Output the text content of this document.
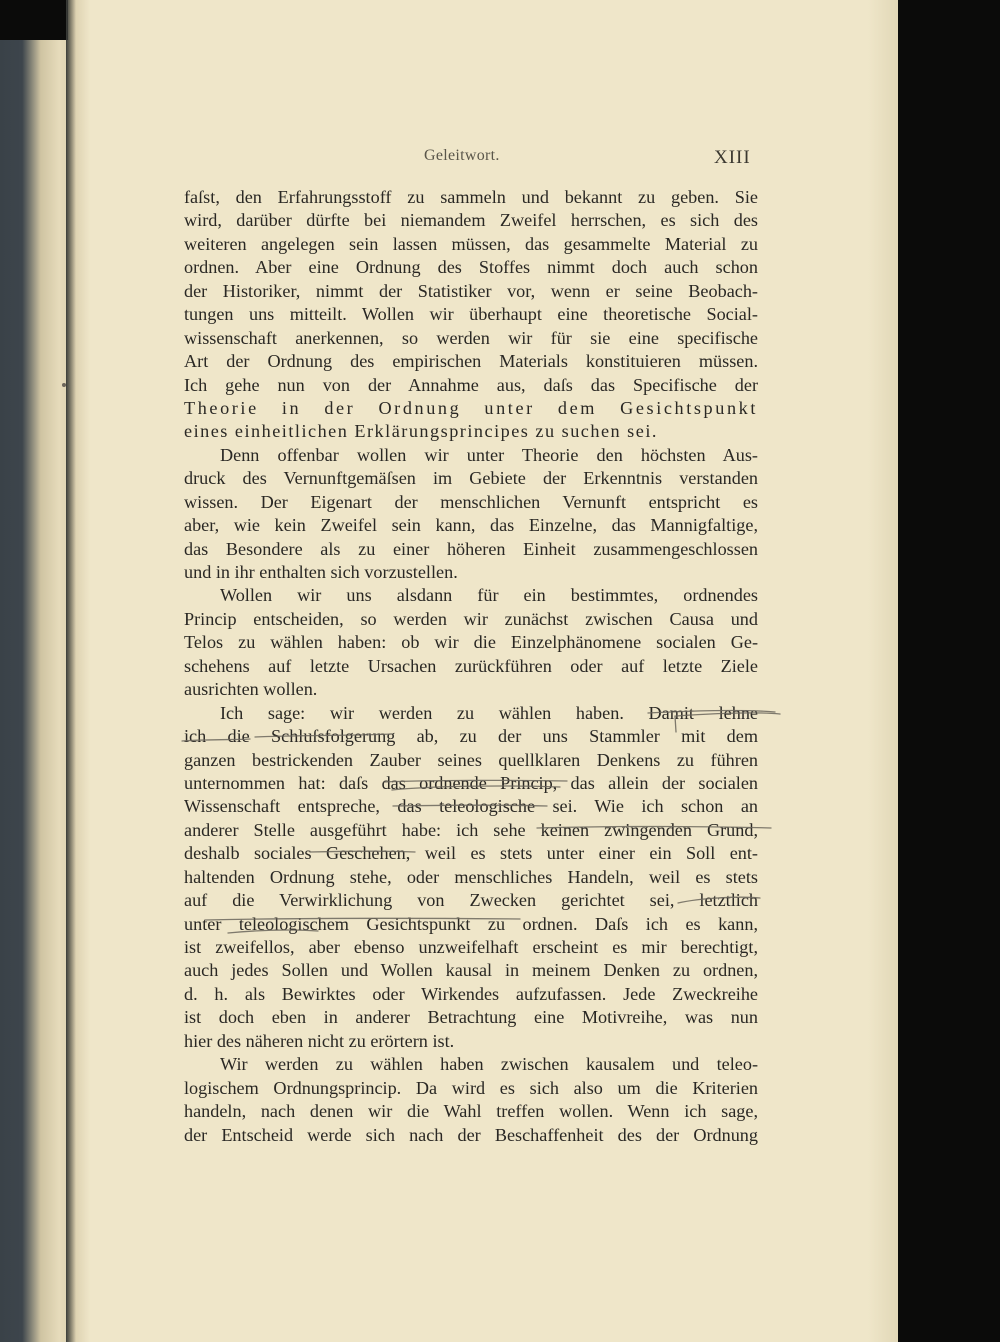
Geleitwort.	XIII
faſst, den Erfahrungsstoff zu sammeln und bekannt zu geben. Sie
wird, darüber dürfte bei niemandem Zweifel herrschen, es sich des
weiteren angelegen sein lassen müssen, das gesammelte Material zu
ordnen. Aber eine Ordnung des Stoffes nimmt doch auch schon
der Historiker, nimmt der Statistiker vor, wenn er seine Beobach-
tungen uns mitteilt. Wollen wir überhaupt eine theoretische Social-
wissenschaft anerkennen, so werden wir für sie eine specifische
Art der Ordnung des empirischen Materials konstituieren müssen.
Ich gehe nun von der Annahme aus, daſs das Specifische der
Theorie in der Ordnung unter dem Gesichtspunkt
eines einheitlichen Erklärungsprincipes zu suchen sei.
Denn offenbar wollen wir unter Theorie den höchsten Aus-
druck des Vernunftgemäſsen im Gebiete der Erkenntnis verstanden
wissen. Der Eigenart der menschlichen Vernunft entspricht es
aber, wie kein Zweifel sein kann, das Einzelne, das Mannigfaltige,
das Besondere als zu einer höheren Einheit zusammengeschlossen
und in ihr enthalten sich vorzustellen.
Wollen wir uns alsdann für ein bestimmtes, ordnendes
Princip entscheiden, so werden wir zunächst zwischen Causa und
Telos zu wählen haben: ob wir die Einzelphänomene socialen Ge-
schehens auf letzte Ursachen zurückführen oder auf letzte Ziele
ausrichten wollen.
Ich sage: wir werden zu wählen haben. Damit lehne
ich die Schluſsfolgerung ab, zu der uns Stammler mit dem
ganzen bestrickenden Zauber seines quellklaren Denkens zu führen
unternommen hat: daſs das ordnende Princip, das allein der socialen
Wissenschaft entspreche, das teleologische sei. Wie ich schon an
anderer Stelle ausgeführt habe: ich sehe keinen zwingenden Grund,
deshalb sociales Geschehen, weil es stets unter einer ein Soll ent-
haltenden Ordnung stehe, oder menschliches Handeln, weil es stets
auf die Verwirklichung von Zwecken gerichtet sei, letztlich
unter teleologischem Gesichtspunkt zu ordnen. Daſs ich es kann,
ist zweifellos, aber ebenso unzweifelhaft erscheint es mir berechtigt,
auch jedes Sollen und Wollen kausal in meinem Denken zu ordnen,
d. h. als Bewirktes oder Wirkendes aufzufassen. Jede Zweckreihe
ist doch eben in anderer Betrachtung eine Motivreihe, was nun
hier des näheren nicht zu erörtern ist.
Wir werden zu wählen haben zwischen kausalem und teleo-
logischem Ordnungsprincip. Da wird es sich also um die Kriterien
handeln, nach denen wir die Wahl treffen wollen. Wenn ich sage,
der Entscheid werde sich nach der Beschaffenheit des der Ordnung
